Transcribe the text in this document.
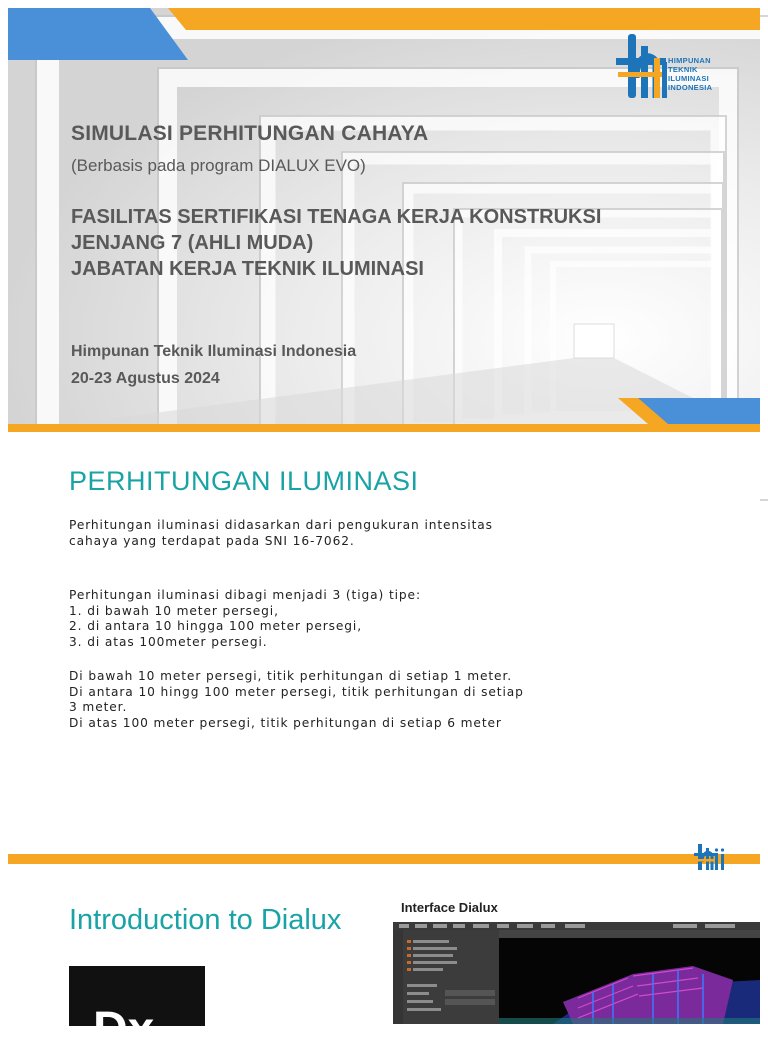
HIMPUNAN
TEKNIK
ILUMINASI
INDONESIA
SIMULASI PERHITUNGAN CAHAYA
(Berbasis pada program DIALUX EVO)
FASILITAS SERTIFIKASI TENAGA KERJA KONSTRUKSI
JENJANG 7 (AHLI MUDA)
JABATAN KERJA TEKNIK ILUMINASI
Himpunan Teknik Iluminasi Indonesia
20-23 Agustus 2024
PERHITUNGAN ILUMINASI
Perhitungan iluminasi didasarkan dari pengukuran intensitas
cahaya yang terdapat pada SNI 16-7062.
Perhitungan iluminasi dibagi menjadi 3 (tiga) tipe:
1. di bawah 10 meter persegi,
2. di antara 10 hingga 100 meter persegi,
3. di atas 100meter persegi.
Di bawah 10 meter persegi, titik perhitungan di setiap 1 meter.
Di antara 10 hingg 100 meter persegi, titik perhitungan di setiap
3 meter.
Di atas 100 meter persegi, titik perhitungan di setiap 6 meter
Introduction to Dialux
Dx
Interface Dialux
